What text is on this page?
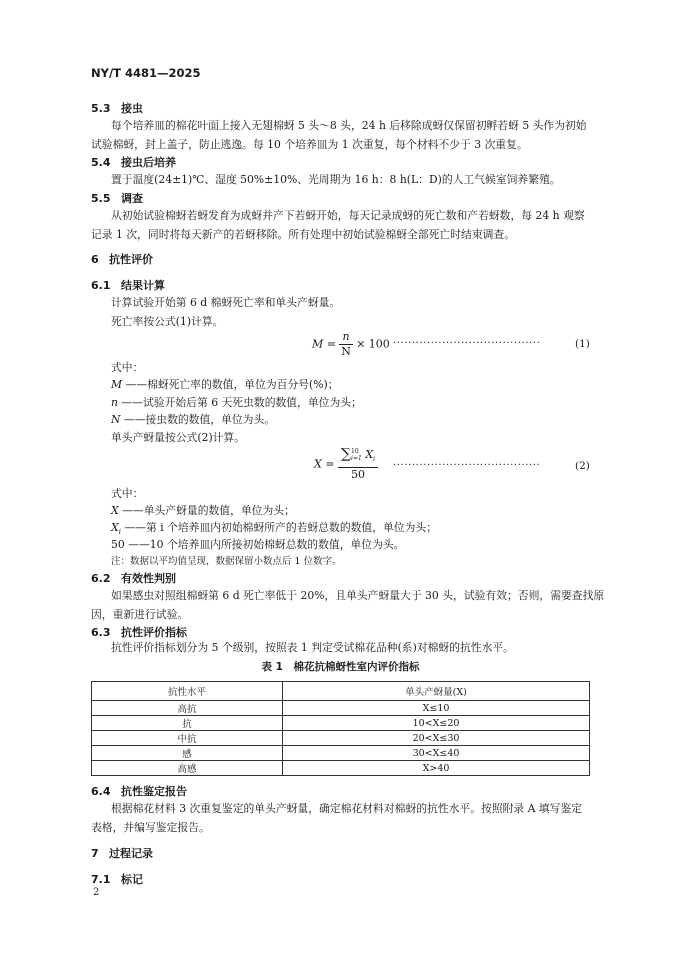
NY/T 4481—2025
5.3 接虫
每个培养皿的棉花叶面上接入无翅棉蚜 5 头～8 头，24 h 后移除成蚜仅保留初孵若蚜 5 头作为初始
试验棉蚜，封上盖子，防止逃逸。每 10 个培养皿为 1 次重复，每个材料不少于 3 次重复。
5.4 接虫后培养
置于温度(24±1)℃、湿度 50%±10%、光周期为 16 h：8 h(L：D)的人工气候室饲养繁殖。
5.5 调查
从初始试验棉蚜若蚜发育为成蚜并产下若蚜开始，每天记录成蚜的死亡数和产若蚜数，每 24 h 观察
记录 1 次，同时将每天新产的若蚜移除。所有处理中初始试验棉蚜全部死亡时结束调查。
6 抗性评价
6.1 结果计算
计算试验开始第 6 d 棉蚜死亡率和单头产蚜量。
死亡率按公式(1)计算。
$M = \frac{n}{N} \times 100$ ·······································	(1)
式中：
M ——棉蚜死亡率的数值，单位为百分号(%)；
n ——试验开始后第 6 天死虫数的数值，单位为头；
N ——接虫数的数值，单位为头。
单头产蚜量按公式(2)计算。
X =
∑10
i=1 $X_i$
50
·······································	(2)
式中：
X ——单头产蚜量的数值，单位为头；
$X_i$ ——第 i 个培养皿内初始棉蚜所产的若蚜总数的数值，单位为头；
50 ——10 个培养皿内所接初始棉蚜总数的数值，单位为头。
注：数据以平均值呈现，数据保留小数点后 1 位数字。
6.2 有效性判别
如果感虫对照组棉蚜第 6 d 死亡率低于 20%，且单头产蚜量大于 30 头，试验有效；否则，需要查找原
因，重新进行试验。
6.3 抗性评价指标
抗性评价指标划分为 5 个级别，按照表 1 判定受试棉花品种(系)对棉蚜的抗性水平。
表 1　棉花抗棉蚜性室内评价指标
抗性水平	单头产蚜量(X)
高抗	X≤10
抗	10<X≤20
中抗	20<X≤30
感	30<X≤40
高感	X>40
6.4 抗性鉴定报告
根据棉花材料 3 次重复鉴定的单头产蚜量，确定棉花材料对棉蚜的抗性水平。按照附录 A 填写鉴定
表格，并编写鉴定报告。
7 过程记录
7.1 标记
2
